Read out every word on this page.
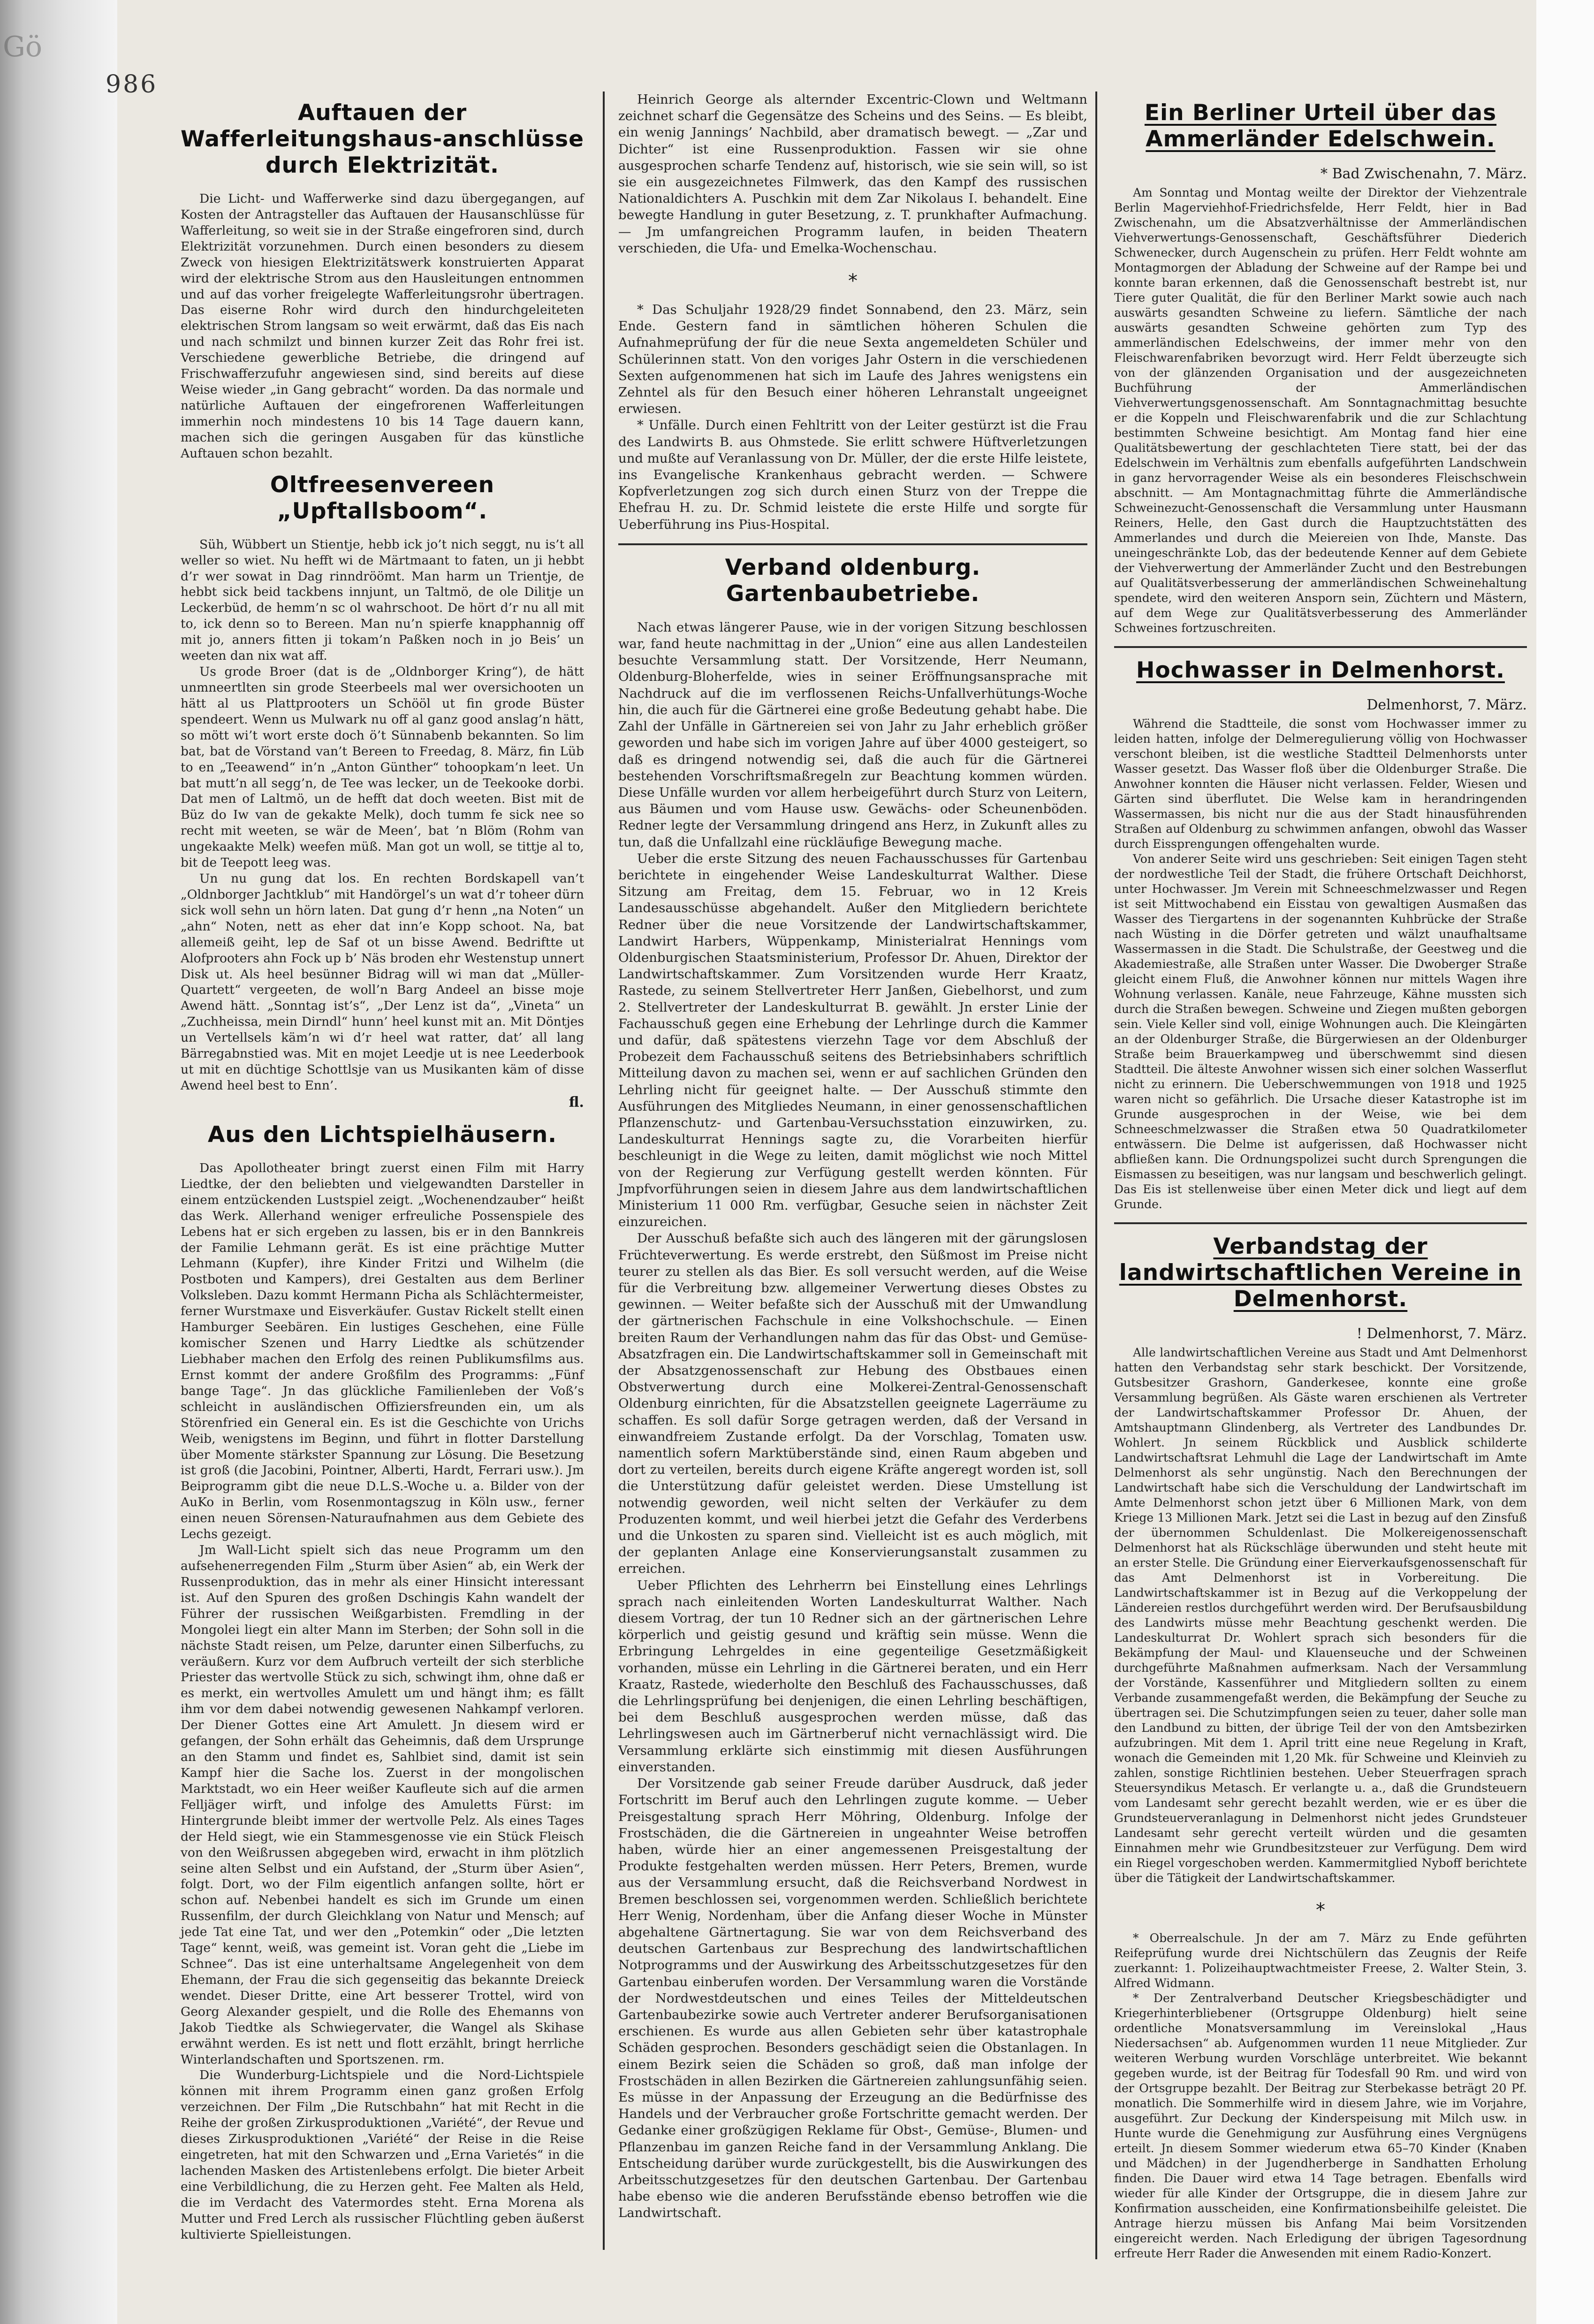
Gö
986
Auftauen der Wafferleitungshaus-anschlüsse durch Elektrizität.

Die Licht- und Wafferwerke sind dazu übergegangen, auf Kosten der Antragsteller das Auftauen der Hausanschlüsse für Wafferleitung, so weit sie in der Straße eingefroren sind, durch Elektrizität vorzunehmen. Durch einen besonders zu diesem Zweck von hiesigen Elektrizitätswerk konstruierten Apparat wird der elektrische Strom aus den Hausleitungen entnommen und auf das vorher freigelegte Wafferleitungsrohr übertragen. Das eiserne Rohr wird durch den hindurchgeleiteten elektrischen Strom langsam so weit erwärmt, daß das Eis nach und nach schmilzt und binnen kurzer Zeit das Rohr frei ist. Verschiedene gewerbliche Betriebe, die dringend auf Frischwafferzufuhr angewiesen sind, sind bereits auf diese Weise wieder „in Gang gebracht“ worden. Da das normale und natürliche Auftauen der eingefrorenen Wafferleitungen immerhin noch mindestens 10 bis 14 Tage dauern kann, machen sich die geringen Ausgaben für das künstliche Auftauen schon bezahlt.

Oltfreesenvereen „Upftallsboom“.

Süh, Wübbert un Stientje, hebb ick jo’t nich seggt, nu is’t all weller so wiet. Nu hefft wi de Märtmaant to faten, un ji hebbt d’r wer sowat in Dag rinndröömt. Man harm un Trientje, de hebbt sick beid tackbens innjunt, un Taltmö, de ole Dilitje un Leckerbüd, de hemm’n sc ol wahrschoot. De hört d’r nu all mit to, ick denn so to Bereen. Man nu’n spierfe knapphannig off mit jo, anners fitten ji tokam’n Paßken noch in jo Beis’ un weeten dan nix wat aff.

Us grode Broer (dat is de „Oldnborger Kring“), de hätt unmneertlten sin grode Steerbeels mal wer oversichooten un hätt al us Plattprooters un Schööl ut fin grode Büster spendeert. Wenn us Mulwark nu off al ganz good anslag’n hätt, so mött wi’t wort erste doch ö’t Sünnabenb bekannten. So lim bat, bat de Vörstand van’t Bereen to Freedag, 8. März, fin Lüb to en „Teeawend“ in’n „Anton Günther“ tohoopkam’n leet. Un bat mutt’n all segg’n, de Tee was lecker, un de Teekooke dorbi. Dat men of Laltmö, un de hefft dat doch weeten. Bist mit de Büz do Iw van de gekakte Melk), doch tumm fe sick nee so recht mit weeten, se wär de Meen’, bat ’n Blöm (Rohm van ungekaakte Melk) weefen müß. Man got un woll, se tittje al to, bit de Teepott leeg was.

Un nu gung dat los. En rechten Bordskapell van’t „Oldnborger Jachtklub“ mit Handörgel’s un wat d’r toheer dürn sick woll sehn un hörn laten. Dat gung d’r henn „na Noten“ un „ahn“ Noten, nett as eher dat inn’e Kopp schoot. Na, bat allemeiß geiht, lep de Saf ot un bisse Awend. Bedriftte ut Alofprooters ahn Fock up b’ Näs broden ehr Westenstup unnert Disk ut. Als heel besünner Bidrag will wi man dat „Müller-Quartett“ vergeeten, de woll’n Barg Andeel an bisse moje Awend hätt. „Sonntag ist’s“, „Der Lenz ist da“, „Vineta“ un „Zuchheissa, mein Dirndl“ hunn’ heel kunst mit an. Mit Döntjes un Vertellsels käm’n wi d’r heel wat ratter, dat’ all lang Bärregabnstied was. Mit en mojet Leedje ut is nee Leederbook ut mit en düchtige Schottlsje van us Musikanten käm of disse Awend heel best to Enn’.

fl.
Aus den Lichtspielhäusern.

Das Apollotheater bringt zuerst einen Film mit Harry Liedtke, der den beliebten und vielgewandten Darsteller in einem entzückenden Lustspiel zeigt. „Wochenendzauber“ heißt das Werk. Allerhand weniger erfreuliche Possenspiele des Lebens hat er sich ergeben zu lassen, bis er in den Bannkreis der Familie Lehmann gerät. Es ist eine prächtige Mutter Lehmann (Kupfer), ihre Kinder Fritzi und Wilhelm (die Postboten und Kampers), drei Gestalten aus dem Berliner Volksleben. Dazu kommt Hermann Picha als Schlächtermeister, ferner Wurstmaxe und Eisverkäufer. Gustav Rickelt stellt einen Hamburger Seebären. Ein lustiges Geschehen, eine Fülle komischer Szenen und Harry Liedtke als schützender Liebhaber machen den Erfolg des reinen Publikumsfilms aus. Ernst kommt der andere Großfilm des Programms: „Fünf bange Tage“. Jn das glückliche Familienleben der Voß’s schleicht in ausländischen Offiziersfreunden ein, um als Störenfried ein General ein. Es ist die Geschichte von Urichs Weib, wenigstens im Beginn, und führt in flotter Darstellung über Momente stärkster Spannung zur Lösung. Die Besetzung ist groß (die Jacobini, Pointner, Alberti, Hardt, Ferrari usw.). Jm Beiprogramm gibt die neue D.L.S.-Woche u. a. Bilder von der AuKo in Berlin, vom Rosenmontagszug in Köln usw., ferner einen neuen Sörensen-Naturaufnahmen aus dem Gebiete des Lechs gezeigt.

Jm Wall-Licht spielt sich das neue Programm um den aufsehenerregenden Film „Sturm über Asien“ ab, ein Werk der Russenproduktion, das in mehr als einer Hinsicht interessant ist. Auf den Spuren des großen Dschingis Kahn wandelt der Führer der russischen Weißgarbisten. Fremdling in der Mongolei liegt ein alter Mann im Sterben; der Sohn soll in die nächste Stadt reisen, um Pelze, darunter einen Silberfuchs, zu veräußern. Kurz vor dem Aufbruch verteilt der sich sterbliche Priester das wertvolle Stück zu sich, schwingt ihm, ohne daß er es merkt, ein wertvolles Amulett um und hängt ihm; es fällt ihm vor dem dabei notwendig gewesenen Nahkampf verloren. Der Diener Gottes eine Art Amulett. Jn diesem wird er gefangen, der Sohn erhält das Geheimnis, daß dem Ursprunge an den Stamm und findet es, Sahlbiet sind, damit ist sein Kampf hier die Sache los. Zuerst in der mongolischen Marktstadt, wo ein Heer weißer Kaufleute sich auf die armen Felljäger wirft, und infolge des Amuletts Fürst: im Hintergrunde bleibt immer der wertvolle Pelz. Als eines Tages der Held siegt, wie ein Stammesgenosse vie ein Stück Fleisch von den Weißrussen abgegeben wird, erwacht in ihm plötzlich seine alten Selbst und ein Aufstand, der „Sturm über Asien“, folgt. Dort, wo der Film eigentlich anfangen sollte, hört er schon auf. Nebenbei handelt es sich im Grunde um einen Russenfilm, der durch Gleichklang von Natur und Mensch; auf jede Tat eine Tat, und wer den „Potemkin“ oder „Die letzten Tage“ kennt, weiß, was gemeint ist. Voran geht die „Liebe im Schnee“. Das ist eine unterhaltsame Angelegenheit von dem Ehemann, der Frau die sich gegenseitig das bekannte Dreieck wendet. Dieser Dritte, eine Art besserer Trottel, wird von Georg Alexander gespielt, und die Rolle des Ehemanns von Jakob Tiedtke als Schwiegervater, die Wangel als Skihase erwähnt werden. Es ist nett und flott erzählt, bringt herrliche Winterlandschaften und Sportszenen. rm.

Die Wunderburg-Lichtspiele und die Nord-Lichtspiele können mit ihrem Programm einen ganz großen Erfolg verzeichnen. Der Film „Die Rutschbahn“ hat mit Recht in die Reihe der großen Zirkusproduktionen „Variété“, der Revue und dieses Zirkusproduktionen „Variété“ der Reise in die Reise eingetreten, hat mit den Schwarzen und „Erna Varietés“ in die lachenden Masken des Artistenlebens erfolgt. Die bieter Arbeit eine Verbildlichung, die zu Herzen geht. Fee Malten als Held, die im Verdacht des Vatermordes steht. Erna Morena als Mutter und Fred Lerch als russischer Flüchtling geben äußerst kultivierte Spielleistungen.

Heinrich George als alternder Excentric-Clown und Weltmann zeichnet scharf die Gegensätze des Scheins und des Seins. — Es bleibt, ein wenig Jannings’ Nachbild, aber dramatisch bewegt. — „Zar und Dichter“ ist eine Russenproduktion. Fassen wir sie ohne ausgesprochen scharfe Tendenz auf, historisch, wie sie sein will, so ist sie ein ausgezeichnetes Filmwerk, das den Kampf des russischen Nationaldichters A. Puschkin mit dem Zar Nikolaus I. behandelt. Eine bewegte Handlung in guter Besetzung, z. T. prunkhafter Aufmachung. — Jm umfangreichen Programm laufen, in beiden Theatern verschieden, die Ufa- und Emelka-Wochenschau.

*

* Das Schuljahr 1928/29 findet Sonnabend, den 23. März, sein Ende. Gestern fand in sämtlichen höheren Schulen die Aufnahmeprüfung der für die neue Sexta angemeldeten Schüler und Schülerinnen statt. Von den voriges Jahr Ostern in die verschiedenen Sexten aufgenommenen hat sich im Laufe des Jahres wenigstens ein Zehntel als für den Besuch einer höheren Lehranstalt ungeeignet erwiesen.

* Unfälle. Durch einen Fehltritt von der Leiter gestürzt ist die Frau des Landwirts B. aus Ohmstede. Sie erlitt schwere Hüftverletzungen und mußte auf Veranlassung von Dr. Müller, der die erste Hilfe leistete, ins Evangelische Krankenhaus gebracht werden. — Schwere Kopfverletzungen zog sich durch einen Sturz von der Treppe die Ehefrau H. zu. Dr. Schmid leistete die erste Hilfe und sorgte für Ueberführung ins Pius-Hospital.

Verband oldenburg. Gartenbaubetriebe.

Nach etwas längerer Pause, wie in der vorigen Sitzung beschlossen war, fand heute nachmittag in der „Union“ eine aus allen Landesteilen besuchte Versammlung statt. Der Vorsitzende, Herr Neumann, Oldenburg-Bloherfelde, wies in seiner Eröffnungsansprache mit Nachdruck auf die im verflossenen Reichs-Unfallverhütungs-Woche hin, die auch für die Gärtnerei eine große Bedeutung gehabt habe. Die Zahl der Unfälle in Gärtnereien sei von Jahr zu Jahr erheblich größer geworden und habe sich im vorigen Jahre auf über 4000 gesteigert, so daß es dringend notwendig sei, daß die auch für die Gärtnerei bestehenden Vorschriftsmaßregeln zur Beachtung kommen würden. Diese Unfälle wurden vor allem herbeigeführt durch Sturz von Leitern, aus Bäumen und vom Hause usw. Gewächs- oder Scheunenböden. Redner legte der Versammlung dringend ans Herz, in Zukunft alles zu tun, daß die Unfallzahl eine rückläufige Bewegung mache.

Ueber die erste Sitzung des neuen Fachausschusses für Gartenbau berichtete in eingehender Weise Landeskulturrat Walther. Diese Sitzung am Freitag, dem 15. Februar, wo in 12 Kreis Landesausschüsse abgehandelt. Außer den Mitgliedern berichtete Redner über die neue Vorsitzende der Landwirtschaftskammer, Landwirt Harbers, Wüppenkamp, Ministerialrat Hennings vom Oldenburgischen Staatsministerium, Professor Dr. Ahuen, Direktor der Landwirtschaftskammer. Zum Vorsitzenden wurde Herr Kraatz, Rastede, zu seinem Stellvertreter Herr Janßen, Giebelhorst, und zum 2. Stellvertreter der Landeskulturrat B. gewählt. Jn erster Linie der Fachausschuß gegen eine Erhebung der Lehrlinge durch die Kammer und dafür, daß spätestens vierzehn Tage vor dem Abschluß der Probezeit dem Fachausschuß seitens des Betriebsinhabers schriftlich Mitteilung davon zu machen sei, wenn er auf sachlichen Gründen den Lehrling nicht für geeignet halte. — Der Ausschuß stimmte den Ausführungen des Mitgliedes Neumann, in einer genossenschaftlichen Pflanzenschutz- und Gartenbau-Versuchsstation einzuwirken, zu. Landeskulturrat Hennings sagte zu, die Vorarbeiten hierfür beschleunigt in die Wege zu leiten, damit möglichst wie noch Mittel von der Regierung zur Verfügung gestellt werden könnten. Für Jmpfvorführungen seien in diesem Jahre aus dem landwirtschaftlichen Ministerium 11 000 Rm. verfügbar, Gesuche seien in nächster Zeit einzureichen.

Der Ausschuß befaßte sich auch des längeren mit der gärungslosen Früchteverwertung. Es werde erstrebt, den Süßmost im Preise nicht teurer zu stellen als das Bier. Es soll versucht werden, auf die Weise für die Verbreitung bzw. allgemeiner Verwertung dieses Obstes zu gewinnen. — Weiter befaßte sich der Ausschuß mit der Umwandlung der gärtnerischen Fachschule in eine Volkshochschule. — Einen breiten Raum der Verhandlungen nahm das für das Obst- und Gemüse-Absatzfragen ein. Die Landwirtschaftskammer soll in Gemeinschaft mit der Absatzgenossenschaft zur Hebung des Obstbaues einen Obstverwertung durch eine Molkerei-Zentral-Genossenschaft Oldenburg einrichten, für die Absatzstellen geeignete Lagerräume zu schaffen. Es soll dafür Sorge getragen werden, daß der Versand in einwandfreiem Zustande erfolgt. Da der Vorschlag, Tomaten usw. namentlich sofern Marktüberstände sind, einen Raum abgeben und dort zu verteilen, bereits durch eigene Kräfte angeregt worden ist, soll die Unterstützung dafür geleistet werden. Diese Umstellung ist notwendig geworden, weil nicht selten der Verkäufer zu dem Produzenten kommt, und weil hierbei jetzt die Gefahr des Verderbens und die Unkosten zu sparen sind. Vielleicht ist es auch möglich, mit der geplanten Anlage eine Konservierungsanstalt zusammen zu erreichen.

Ueber Pflichten des Lehrherrn bei Einstellung eines Lehrlings sprach nach einleitenden Worten Landeskulturrat Walther. Nach diesem Vortrag, der tun 10 Redner sich an der gärtnerischen Lehre körperlich und geistig gesund und kräftig sein müsse. Wenn die Erbringung Lehrgeldes in eine gegenteilige Gesetzmäßigkeit vorhanden, müsse ein Lehrling in die Gärtnerei beraten, und ein Herr Kraatz, Rastede, wiederholte den Beschluß des Fachausschusses, daß die Lehrlingsprüfung bei denjenigen, die einen Lehrling beschäftigen, bei dem Beschluß ausgesprochen werden müsse, daß das Lehrlingswesen auch im Gärtnerberuf nicht vernachlässigt wird. Die Versammlung erklärte sich einstimmig mit diesen Ausführungen einverstanden.

Der Vorsitzende gab seiner Freude darüber Ausdruck, daß jeder Fortschritt im Beruf auch den Lehrlingen zugute komme. — Ueber Preisgestaltung sprach Herr Möhring, Oldenburg. Infolge der Frostschäden, die die Gärtnereien in ungeahnter Weise betroffen haben, würde hier an einer angemessenen Preisgestaltung der Produkte festgehalten werden müssen. Herr Peters, Bremen, wurde aus der Versammlung ersucht, daß die Reichsverband Nordwest in Bremen beschlossen sei, vorgenommen werden. Schließlich berichtete Herr Wenig, Nordenham, über die Anfang dieser Woche in Münster abgehaltene Gärtnertagung. Sie war von dem Reichsverband des deutschen Gartenbaus zur Besprechung des landwirtschaftlichen Notprogramms und der Auswirkung des Arbeitsschutzgesetzes für den Gartenbau einberufen worden. Der Versammlung waren die Vorstände der Nordwestdeutschen und eines Teiles der Mitteldeutschen Gartenbaubezirke sowie auch Vertreter anderer Berufsorganisationen erschienen. Es wurde aus allen Gebieten sehr über katastrophale Schäden gesprochen. Besonders geschädigt seien die Obstanlagen. In einem Bezirk seien die Schäden so groß, daß man infolge der Frostschäden in allen Bezirken die Gärtnereien zahlungsunfähig seien. Es müsse in der Anpassung der Erzeugung an die Bedürfnisse des Handels und der Verbraucher große Fortschritte gemacht werden. Der Gedanke einer großzügigen Reklame für Obst-, Gemüse-, Blumen- und Pflanzenbau im ganzen Reiche fand in der Versammlung Anklang. Die Entscheidung darüber wurde zurückgestellt, bis die Auswirkungen des Arbeitsschutzgesetzes für den deutschen Gartenbau. Der Gartenbau habe ebenso wie die anderen Berufsstände ebenso betroffen wie die Landwirtschaft.

Ein Berliner Urteil über das Ammerländer Edelschwein.
* Bad Zwischenahn, 7. März.

Am Sonntag und Montag weilte der Direktor der Viehzentrale Berlin Magerviehhof-Friedrichsfelde, Herr Feldt, hier in Bad Zwischenahn, um die Absatzverhältnisse der Ammerländischen Viehverwertungs-Genossenschaft, Geschäftsführer Diederich Schwenecker, durch Augenschein zu prüfen. Herr Feldt wohnte am Montagmorgen der Abladung der Schweine auf der Rampe bei und konnte baran erkennen, daß die Genossenschaft bestrebt ist, nur Tiere guter Qualität, die für den Berliner Markt sowie auch nach auswärts gesandten Schweine zu liefern. Sämtliche der nach auswärts gesandten Schweine gehörten zum Typ des ammerländischen Edelschweins, der immer mehr von den Fleischwarenfabriken bevorzugt wird. Herr Feldt überzeugte sich von der glänzenden Organisation und der ausgezeichneten Buchführung der Ammerländischen Viehverwertungsgenossenschaft. Am Sonntagnachmittag besuchte er die Koppeln und Fleischwarenfabrik und die zur Schlachtung bestimmten Schweine besichtigt. Am Montag fand hier eine Qualitätsbewertung der geschlachteten Tiere statt, bei der das Edelschwein im Verhältnis zum ebenfalls aufgeführten Landschwein in ganz hervorragender Weise als ein besonderes Fleischschwein abschnitt. — Am Montagnachmittag führte die Ammerländische Schweinezucht-Genossenschaft die Versammlung unter Hausmann Reiners, Helle, den Gast durch die Hauptzuchtstätten des Ammerlandes und durch die Meiereien von Ihde, Manste. Das uneingeschränkte Lob, das der bedeutende Kenner auf dem Gebiete der Viehverwertung der Ammerländer Zucht und den Bestrebungen auf Qualitätsverbesserung der ammerländischen Schweinehaltung spendete, wird den weiteren Ansporn sein, Züchtern und Mästern, auf dem Wege zur Qualitätsverbesserung des Ammerländer Schweines fortzuschreiten.

Hochwasser in Delmenhorst.
Delmenhorst, 7. März.

Während die Stadtteile, die sonst vom Hochwasser immer zu leiden hatten, infolge der Delmeregulierung völlig von Hochwasser verschont bleiben, ist die westliche Stadtteil Delmenhorsts unter Wasser gesetzt. Das Wasser floß über die Oldenburger Straße. Die Anwohner konnten die Häuser nicht verlassen. Felder, Wiesen und Gärten sind überflutet. Die Welse kam in herandringenden Wassermassen, bis nicht nur die aus der Stadt hinausführenden Straßen auf Oldenburg zu schwimmen anfangen, obwohl das Wasser durch Eissprengungen offengehalten wurde.

Von anderer Seite wird uns geschrieben: Seit einigen Tagen steht der nordwestliche Teil der Stadt, die frühere Ortschaft Deichhorst, unter Hochwasser. Jm Verein mit Schneeschmelzwasser und Regen ist seit Mittwochabend ein Eisstau von gewaltigen Ausmaßen das Wasser des Tiergartens in der sogenannten Kuhbrücke der Straße nach Wüsting in die Dörfer getreten und wälzt unaufhaltsame Wassermassen in die Stadt. Die Schulstraße, der Geestweg und die Akademiestraße, alle Straßen unter Wasser. Die Dwoberger Straße gleicht einem Fluß, die Anwohner können nur mittels Wagen ihre Wohnung verlassen. Kanäle, neue Fahrzeuge, Kähne mussten sich durch die Straßen bewegen. Schweine und Ziegen mußten geborgen sein. Viele Keller sind voll, einige Wohnungen auch. Die Kleingärten an der Oldenburger Straße, die Bürgerwiesen an der Oldenburger Straße beim Brauerkampweg und überschwemmt sind diesen Stadtteil. Die älteste Anwohner wissen sich einer solchen Wasserflut nicht zu erinnern. Die Ueberschwemmungen von 1918 und 1925 waren nicht so gefährlich. Die Ursache dieser Katastrophe ist im Grunde ausgesprochen in der Weise, wie bei dem Schneeschmelzwasser die Straßen etwa 50 Quadratkilometer entwässern. Die Delme ist aufgerissen, daß Hochwasser nicht abfließen kann. Die Ordnungspolizei sucht durch Sprengungen die Eismassen zu beseitigen, was nur langsam und beschwerlich gelingt. Das Eis ist stellenweise über einen Meter dick und liegt auf dem Grunde.

Verbandstag der landwirtschaftlichen Vereine in Delmenhorst.
! Delmenhorst, 7. März.

Alle landwirtschaftlichen Vereine aus Stadt und Amt Delmenhorst hatten den Verbandstag sehr stark beschickt. Der Vorsitzende, Gutsbesitzer Grashorn, Ganderkesee, konnte eine große Versammlung begrüßen. Als Gäste waren erschienen als Vertreter der Landwirtschaftskammer Professor Dr. Ahuen, der Amtshauptmann Glindenberg, als Vertreter des Landbundes Dr. Wohlert. Jn seinem Rückblick und Ausblick schilderte Landwirtschaftsrat Lehmuhl die Lage der Landwirtschaft im Amte Delmenhorst als sehr ungünstig. Nach den Berechnungen der Landwirtschaft habe sich die Verschuldung der Landwirtschaft im Amte Delmenhorst schon jetzt über 6 Millionen Mark, von dem Kriege 13 Millionen Mark. Jetzt sei die Last in bezug auf den Zinsfuß der übernommen Schuldenlast. Die Molkereigenossenschaft Delmenhorst hat als Rückschläge überwunden und steht heute mit an erster Stelle. Die Gründung einer Eierverkaufsgenossenschaft für das Amt Delmenhorst ist in Vorbereitung. Die Landwirtschaftskammer ist in Bezug auf die Verkoppelung der Ländereien restlos durchgeführt werden wird. Der Berufsausbildung des Landwirts müsse mehr Beachtung geschenkt werden. Die Landeskulturrat Dr. Wohlert sprach sich besonders für die Bekämpfung der Maul- und Klauenseuche und der Schweinen durchgeführte Maßnahmen aufmerksam. Nach der Versammlung der Vorstände, Kassenführer und Mitgliedern sollten zu einem Verbande zusammengefaßt werden, die Bekämpfung der Seuche zu übertragen sei. Die Schutzimpfungen seien zu teuer, daher solle man den Landbund zu bitten, der übrige Teil der von den Amtsbezirken aufzubringen. Mit dem 1. April tritt eine neue Regelung in Kraft, wonach die Gemeinden mit 1,20 Mk. für Schweine und Kleinvieh zu zahlen, sonstige Richtlinien bestehen. Ueber Steuerfragen sprach Steuersyndikus Metasch. Er verlangte u. a., daß die Grundsteuern vom Landesamt sehr gerecht bezahlt werden, wie er es über die Grundsteuerveranlagung in Delmenhorst nicht jedes Grundsteuer Landesamt sehr gerecht verteilt würden und die gesamten Einnahmen mehr wie Grundbesitzsteuer zur Verfügung. Dem wird ein Riegel vorgeschoben werden. Kammermitglied Nyboff berichtete über die Tätigkeit der Landwirtschaftskammer.

*

* Oberrealschule. Jn der am 7. März zu Ende geführten Reifeprüfung wurde drei Nichtschülern das Zeugnis der Reife zuerkannt: 1. Polizeihauptwachtmeister Freese, 2. Walter Stein, 3. Alfred Widmann.

* Der Zentralverband Deutscher Kriegsbeschädigter und Kriegerhinterbliebener (Ortsgruppe Oldenburg) hielt seine ordentliche Monatsversammlung im Vereinslokal „Haus Niedersachsen“ ab. Aufgenommen wurden 11 neue Mitglieder. Zur weiteren Werbung wurden Vorschläge unterbreitet. Wie bekannt gegeben wurde, ist der Beitrag für Todesfall 90 Rm. und wird von der Ortsgruppe bezahlt. Der Beitrag zur Sterbekasse beträgt 20 Pf. monatlich. Die Sommerhilfe wird in diesem Jahre, wie im Vorjahre, ausgeführt. Zur Deckung der Kinderspeisung mit Milch usw. in Hunte wurde die Genehmigung zur Ausführung eines Vergnügens erteilt. Jn diesem Sommer wiederum etwa 65–70 Kinder (Knaben und Mädchen) in der Jugendherberge in Sandhatten Erholung finden. Die Dauer wird etwa 14 Tage betragen. Ebenfalls wird wieder für alle Kinder der Ortsgruppe, die in diesem Jahre zur Konfirmation ausscheiden, eine Konfirmationsbeihilfe geleistet. Die Antrage hierzu müssen bis Anfang Mai beim Vorsitzenden eingereicht werden. Nach Erledigung der übrigen Tagesordnung erfreute Herr Rader die Anwesenden mit einem Radio-Konzert.
